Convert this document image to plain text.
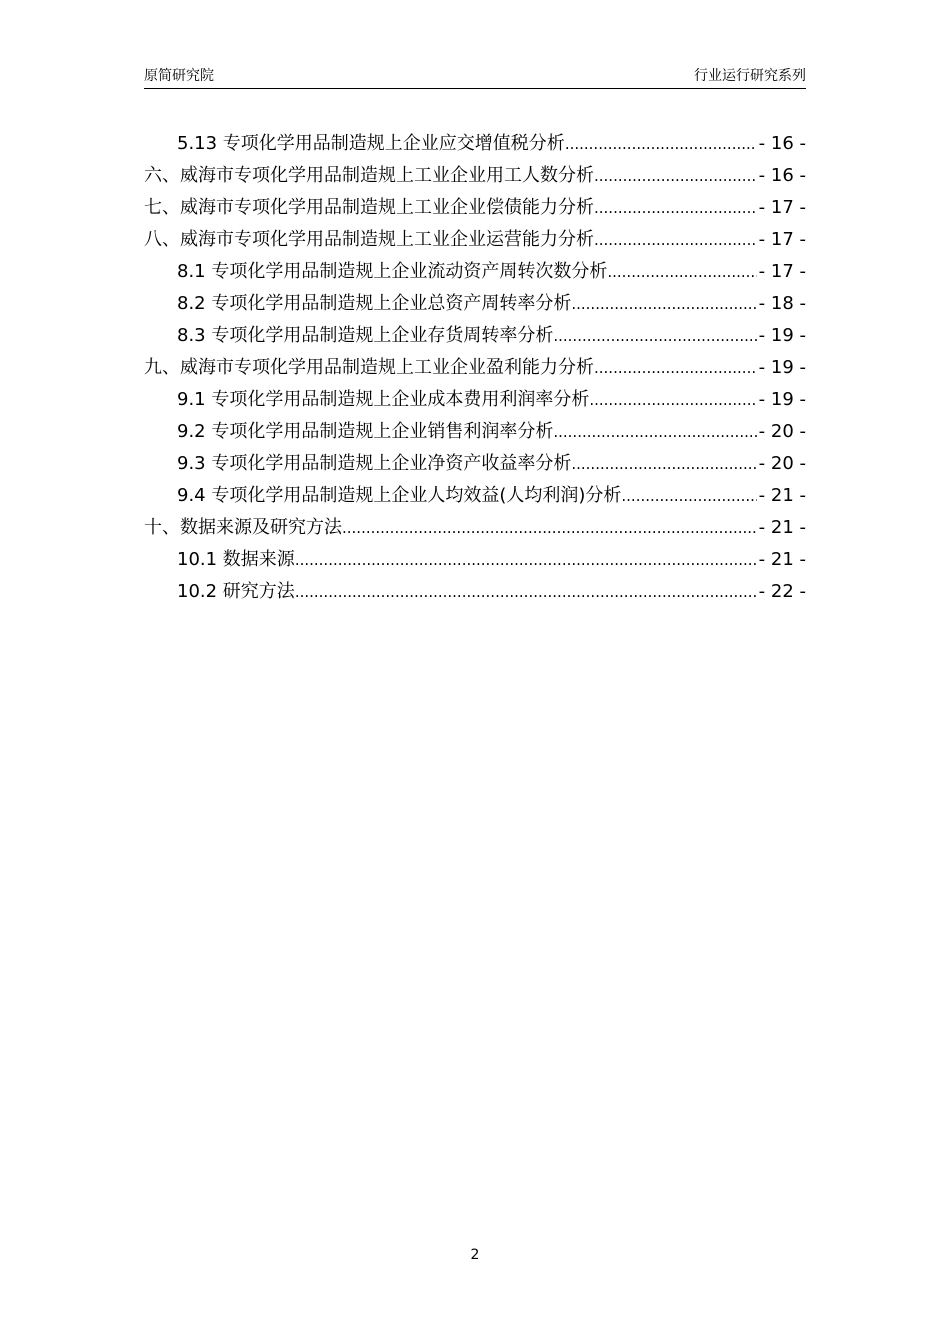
原简研究院	行业运行研究系列
5.13 专项化学用品制造规上企业应交增值税分析 .....	- 16 -
六、威海市专项化学用品制造规上工业企业用工人数分析 .....	- 16 -
七、威海市专项化学用品制造规上工业企业偿债能力分析 .....	- 17 -
八、威海市专项化学用品制造规上工业企业运营能力分析 .....	- 17 -
8.1 专项化学用品制造规上企业流动资产周转次数分析 .....	- 17 -
8.2 专项化学用品制造规上企业总资产周转率分析 .....	- 18 -
8.3 专项化学用品制造规上企业存货周转率分析 .....	- 19 -
九、威海市专项化学用品制造规上工业企业盈利能力分析 .....	- 19 -
9.1 专项化学用品制造规上企业成本费用利润率分析 .....	- 19 -
9.2 专项化学用品制造规上企业销售利润率分析 .....	- 20 -
9.3 专项化学用品制造规上企业净资产收益率分析 .....	- 20 -
9.4 专项化学用品制造规上企业人均效益(人均利润)分析 .....	- 21 -
十、数据来源及研究方法 .....	- 21 -
10.1 数据来源 .....	- 21 -
10.2 研究方法 .....	- 22 -
2
